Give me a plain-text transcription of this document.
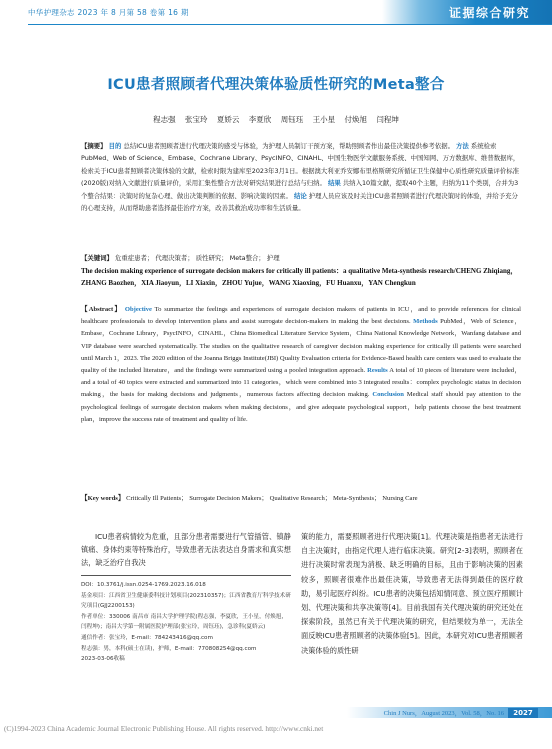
中华护理杂志 2023 年 8 月第 58 卷第 16 期	证据综合研究
ICU患者照顾者代理决策体验质性研究的Meta整合
程志强 张宝玲 夏娇云 李夏欣 周钰珏 王小星 付焕旭 闫程坤
【摘要】 目的 总结ICU患者照顾者进行代理决策的感受与体验，为护理人员制订干预方案，帮助照顾者作出最佳决策提供参考依据。 方法 系统检索PubMed、Web of Science、Embase、Cochrane Library、PsycINFO、CINAHL、中国生物医学文献服务系统、中国知网、万方数据库、维普数据库，检索关于ICU患者照顾者决策体验的文献，检索时限为建库至2023年3月1日。根据澳大利亚乔安娜布里格斯研究所循证卫生保健中心质性研究质量评价标准(2020版)对纳入文献进行质量评价，采用汇集性整合方法对研究结果进行总结与归纳。 结果 共纳入10篇文献，提取40个主题，归纳为11个类别，合并为3个整合结果：决策时的复杂心理、做出决策判断的依据、影响决策的因素。 结论 护理人员应该及时关注ICU患者照顾者进行代理决策时的体验，并给予充分的心理支持，从而帮助患者选择最佳治疗方案，改善其救治成功率和生活质量。
【关键词】 危重症患者； 代理决策者； 质性研究； Meta整合； 护理
The decision making experience of surrogate decision makers for critically ill patients：a qualitative Meta-synthesis research/CHENG Zhiqiang，ZHANG Baozhen，XIA Jiaoyun，LI Xiaxin，ZHOU Yujue，WANG Xiaoxing，FU Huanxu，YAN Chengkun
【Abstract】 Objective To summarize the feelings and experiences of surrogate decision makers of patients in ICU，and to provide references for clinical healthcare professionals to develop intervention plans and assist surrogate decision-makers in making the best decisions. Methods PubMed，Web of Science，Embase，Cochrane Library，PsycINFO，CINAHL，China Biomedical Literature Service System，China National Knowledge Network，Wanfang database and VIP database were searched systematically. The studies on the qualitative research of caregiver decision making experience for critically ill patients were searched until March 1，2023. The 2020 edition of the Joanna Briggs Institute(JBI) Quality Evaluation criteria for Evidence-Based health care centers was used to evaluate the quality of the included literature，and the findings were summarized using a pooled integration approach. Results A total of 10 pieces of literature were included，and a total of 40 topics were extracted and summarized into 11 categories，which were combined into 3 integrated results：complex psychologic status in decision making，the basis for making decisions and judgments，numerous factors affecting decision making. Conclusion Medical staff should pay attention to the psychological feelings of surrogate decision makers when making decisions，and give adequate psychological support，help patients choose the best treatment plan，improve the success rate of treatment and quality of life.
【Key words】 Critically Ill Patients； Surrogate Decision Makers； Qualitative Research； Meta-Synthesis； Nursing Care
ICU患者病情较为危重，且部分患者需要进行气管插管、镇静镇痛、身体约束等特殊治疗，导致患者无法表达自身需求和真实想法，缺乏治疗自我决
DOI：10.3761/j.issn.0254-1769.2023.16.018
基金项目：江西省卫生健康委科技计划项目(202310357)；江西省教育厅科学技术研究项目(GJJ2200153)
作者单位：330006 南昌市 南昌大学护理学院(程志强，李夏欣，王小星，付焕旭，闫程坤)；南昌大学第一附属医院护理部(张宝玲，周钰珏)，急诊科(夏娇云)
通信作者：张宝玲，E-mail：784243416@qq.com
程志强：男，本科(硕士在读)，护师，E-mail：770808254@qq.com
2023-03-06收稿
策的能力，需要照顾者进行代理决策[1]。代理决策是指患者无法进行自主决策时，由指定代理人进行临床决策。研究[2-3]表明，照顾者在进行决策时常表现为消极、缺乏明确的目标，且由于影响决策的因素较多，照顾者很难作出最佳决策，导致患者无法得到最佳的医疗救助，易引起医疗纠纷。ICU患者的决策包括知情同意、预立医疗照顾计划、代理决策和共享决策等[4]。目前我国有关代理决策的研究还处在探索阶段，虽然已有关于代理决策的研究，但结果较为单一，无法全面反映ICU患者照顾者的决策体验[5]。因此，本研究对ICU患者照顾者决策体验的质性研
Chin J Nurs，August 2023，Vol. 58，No. 16	2027
(C)1994-2023 China Academic Journal Electronic Publishing House. All rights reserved. http://www.cnki.net
